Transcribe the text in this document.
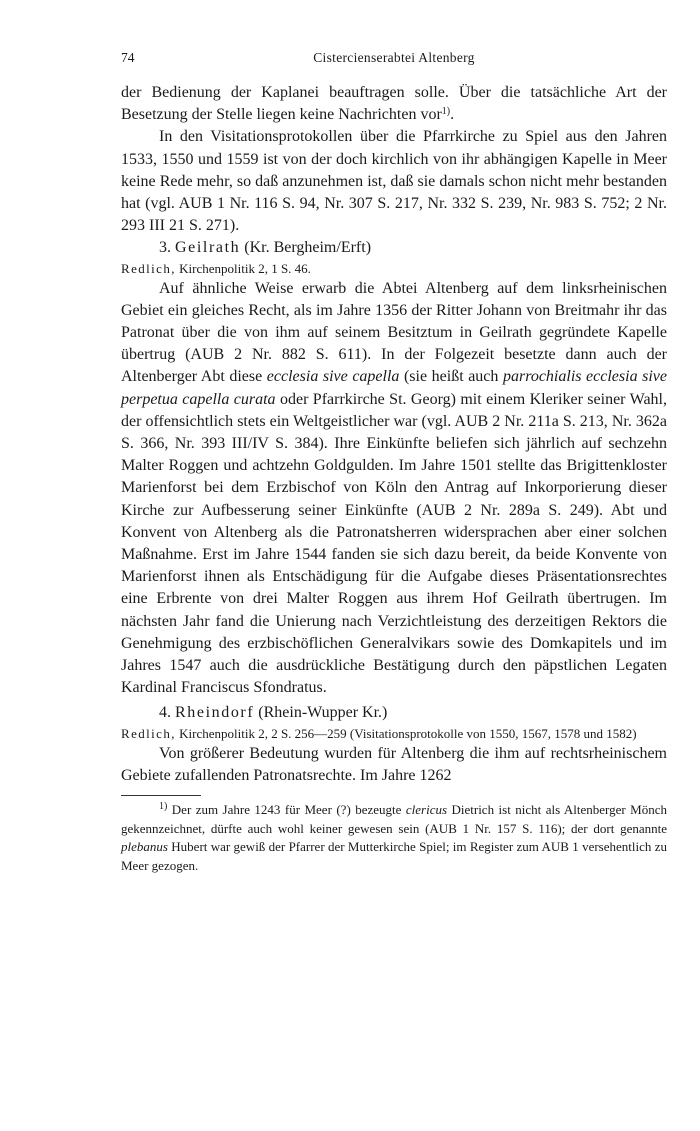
74	Cistercienserabtei Altenberg

der Bedienung der Kaplanei beauftragen solle. Über die tatsächliche Art der Besetzung der Stelle liegen keine Nachrichten vor$^{1)}$.

In den Visitationsprotokollen über die Pfarrkirche zu Spiel aus den Jahren 1533, 1550 und 1559 ist von der doch kirchlich von ihr abhängigen Kapelle in Meer keine Rede mehr, so daß anzunehmen ist, daß sie damals schon nicht mehr bestanden hat (vgl. AUB 1 Nr. 116 S. 94, Nr. 307 S. 217, Nr. 332 S. 239, Nr. 983 S. 752; 2 Nr. 293 III 21 S. 271).

3. Geilrath (Kr. Bergheim/Erft)

Redlich, Kirchenpolitik 2, 1 S. 46.

Auf ähnliche Weise erwarb die Abtei Altenberg auf dem linksrheinischen Gebiet ein gleiches Recht, als im Jahre 1356 der Ritter Johann von Breitmahr ihr das Patronat über die von ihm auf seinem Besitztum in Geilrath gegründete Kapelle übertrug (AUB 2 Nr. 882 S. 611). In der Folgezeit besetzte dann auch der Altenberger Abt diese ecclesia sive capella (sie heißt auch parrochialis ecclesia sive perpetua capella curata oder Pfarrkirche St. Georg) mit einem Kleriker seiner Wahl, der offensichtlich stets ein Weltgeistlicher war (vgl. AUB 2 Nr. 211a S. 213, Nr. 362a S. 366, Nr. 393 III/IV S. 384). Ihre Einkünfte beliefen sich jährlich auf sechzehn Malter Roggen und achtzehn Goldgulden. Im Jahre 1501 stellte das Brigittenkloster Marienforst bei dem Erzbischof von Köln den Antrag auf Inkorporierung dieser Kirche zur Aufbesserung seiner Einkünfte (AUB 2 Nr. 289a S. 249). Abt und Konvent von Altenberg als die Patronatsherren widersprachen aber einer solchen Maßnahme. Erst im Jahre 1544 fanden sie sich dazu bereit, da beide Konvente von Marienforst ihnen als Entschädigung für die Aufgabe dieses Präsentationsrechtes eine Erbrente von drei Malter Roggen aus ihrem Hof Geilrath übertrugen. Im nächsten Jahr fand die Unierung nach Verzichtleistung des derzeitigen Rektors die Genehmigung des erzbischöflichen Generalvikars sowie des Domkapitels und im Jahres 1547 auch die ausdrückliche Bestätigung durch den päpstlichen Legaten Kardinal Franciscus Sfondratus.

4. Rheindorf (Rhein-Wupper Kr.)

Redlich, Kirchenpolitik 2, 2 S. 256—259 (Visitationsprotokolle von 1550, 1567, 1578 und 1582)

Von größerer Bedeutung wurden für Altenberg die ihm auf rechtsrheinischem Gebiete zufallenden Patronatsrechte. Im Jahre 1262

$^{1)}$ Der zum Jahre 1243 für Meer (?) bezeugte clericus Dietrich ist nicht als Altenberger Mönch gekennzeichnet, dürfte auch wohl keiner gewesen sein (AUB 1 Nr. 157 S. 116); der dort genannte plebanus Hubert war gewiß der Pfarrer der Mutterkirche Spiel; im Register zum AUB 1 versehentlich zu Meer gezogen.
